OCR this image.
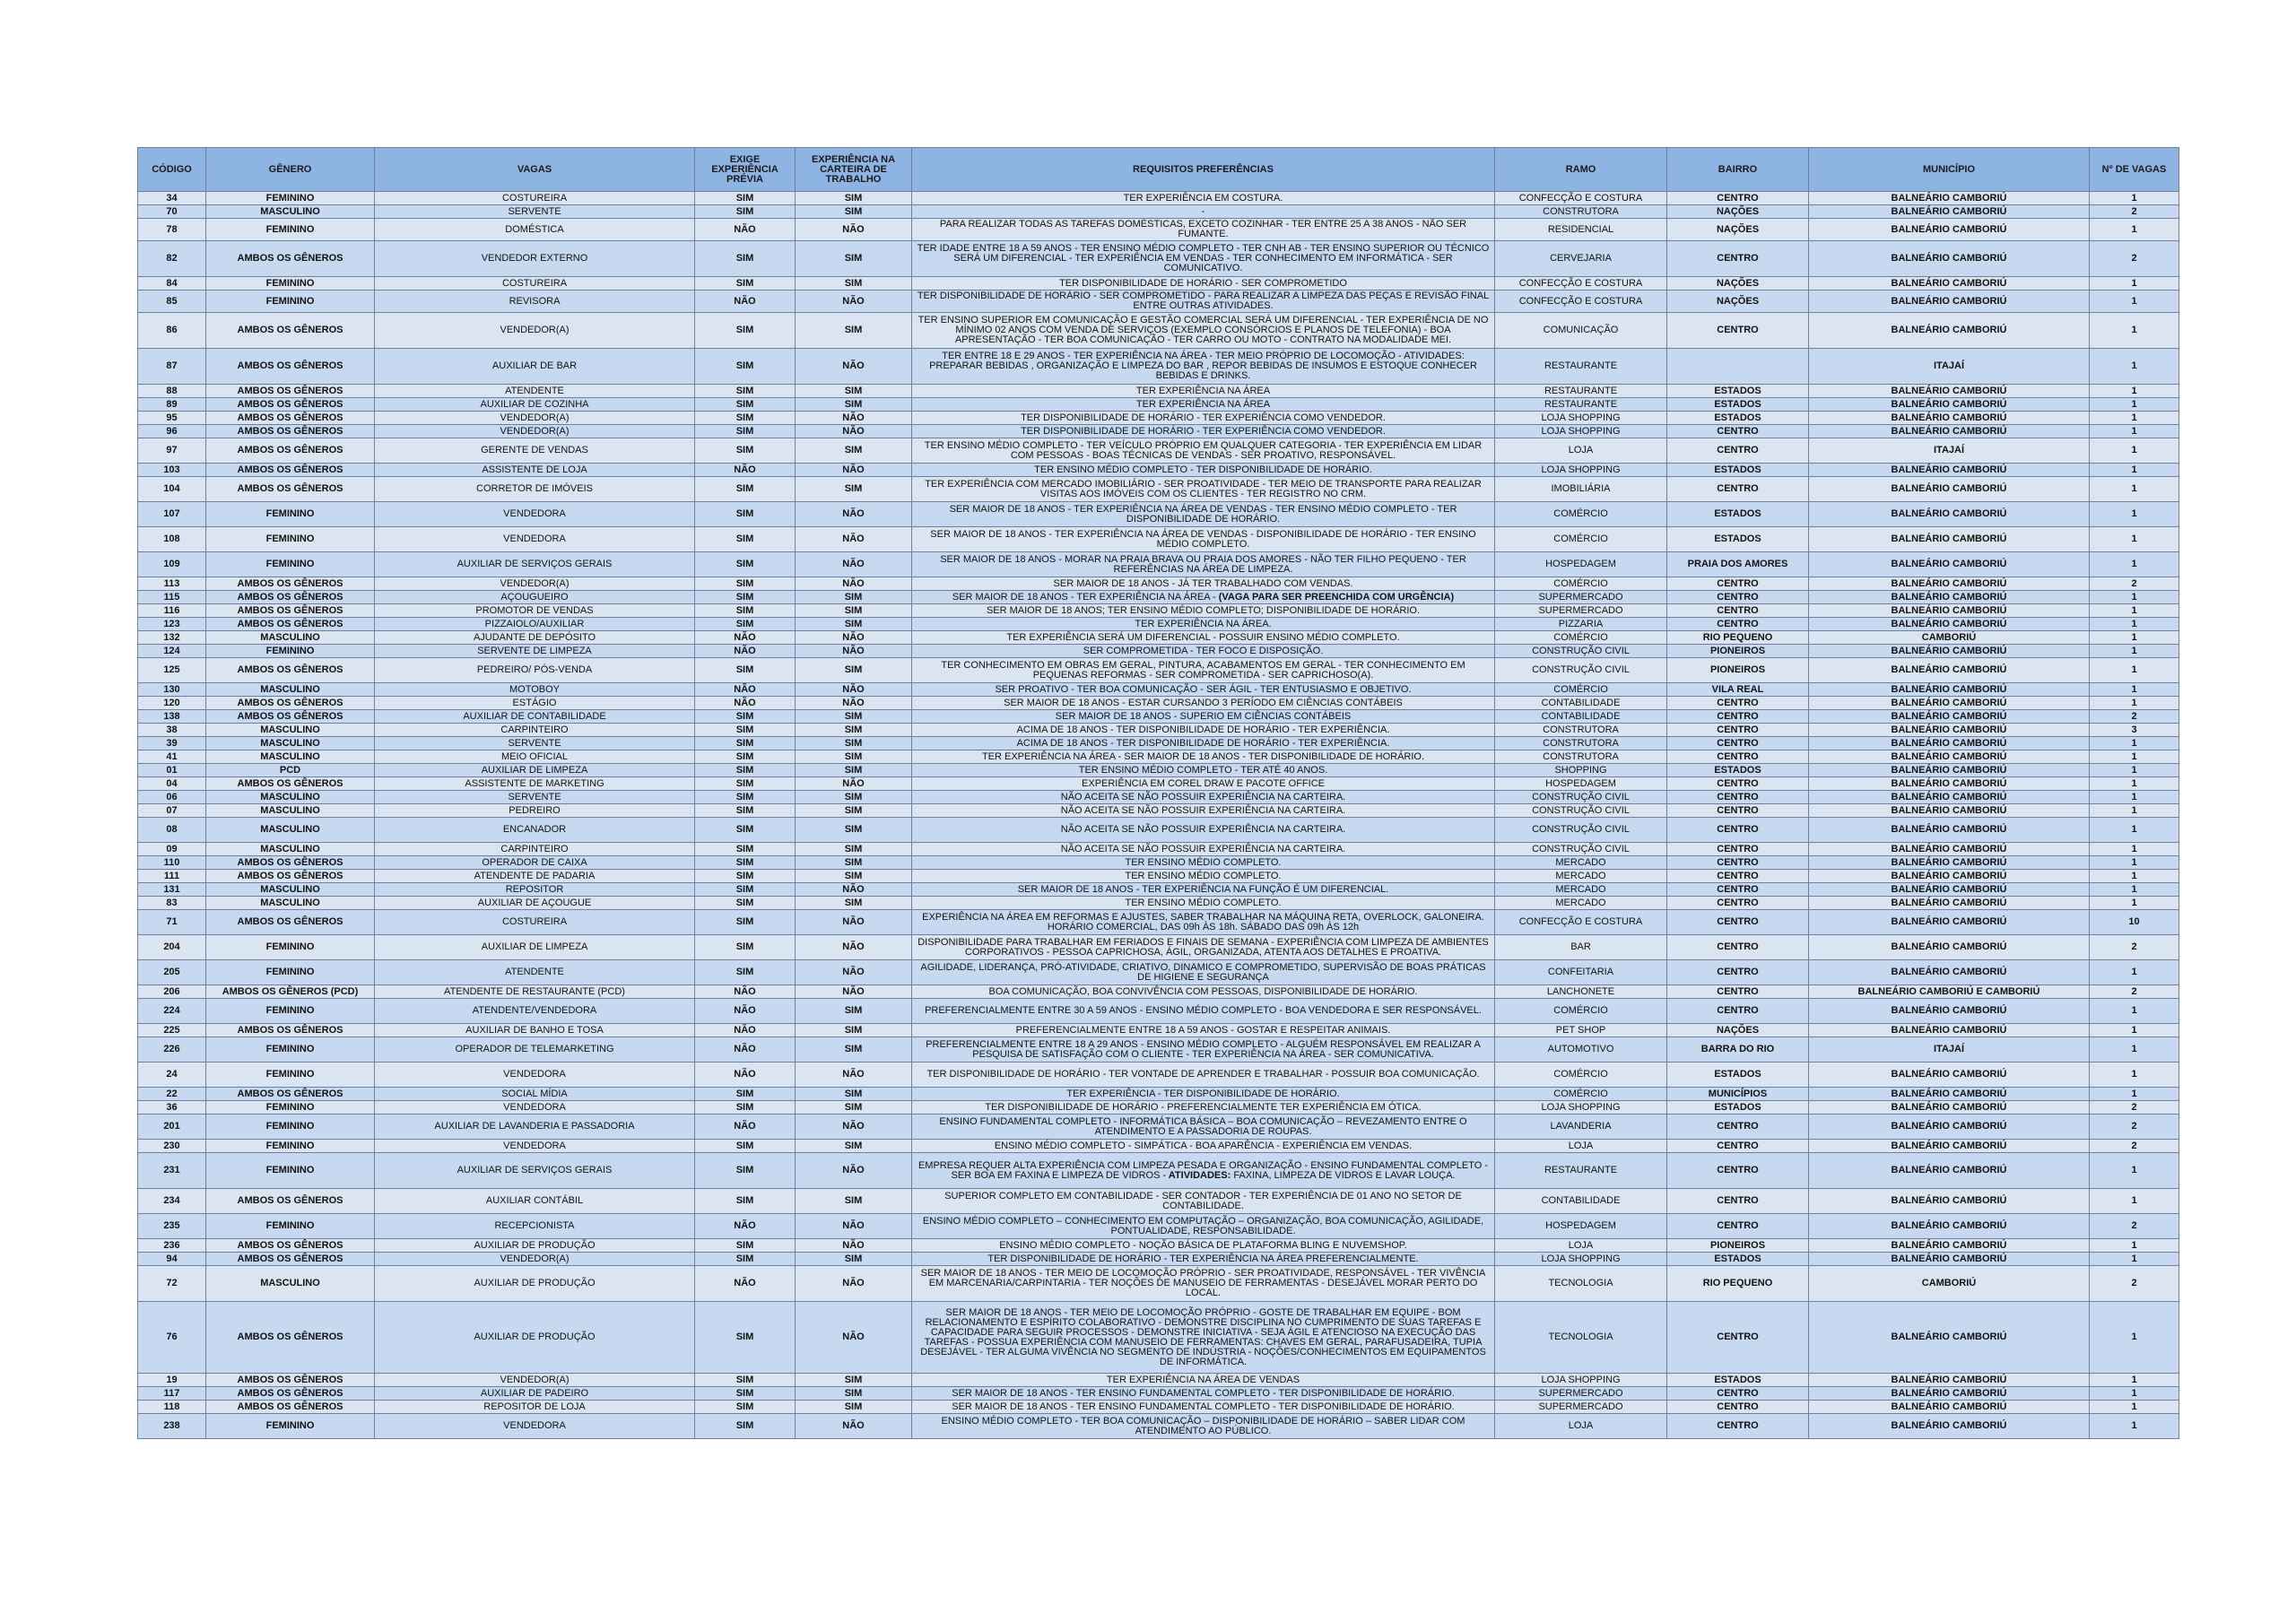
CÓDIGO	GÊNERO	VAGAS	EXIGE EXPERIÊNCIA PRÉVIA	EXPERIÊNCIA NA CARTEIRA DE TRABALHO	REQUISITOS PREFERÊNCIAS	RAMO	BAIRRO	MUNICÍPIO	Nº DE VAGAS
34	FEMININO	COSTUREIRA	SIM	SIM	TER EXPERIÊNCIA EM COSTURA.	CONFECÇÃO E COSTURA	CENTRO	BALNEÁRIO CAMBORIÚ	1
70	MASCULINO	SERVENTE	SIM	SIM	-	CONSTRUTORA	NAÇÕES	BALNEÁRIO CAMBORIÚ	2
78	FEMININO	DOMÉSTICA	NÃO	NÃO	PARA REALIZAR TODAS AS TAREFAS DOMÉSTICAS, EXCETO COZINHAR - TER ENTRE 25 A 38 ANOS - NÃO SER FUMANTE.	RESIDENCIAL	NAÇÕES	BALNEÁRIO CAMBORIÚ	1
82	AMBOS OS GÊNEROS	VENDEDOR EXTERNO	SIM	SIM	TER IDADE ENTRE 18 A 59 ANOS - TER ENSINO MÉDIO COMPLETO - TER CNH AB - TER ENSINO SUPERIOR OU TÉCNICO SERÁ UM DIFERENCIAL - TER EXPERIÊNCIA EM VENDAS - TER CONHECIMENTO EM INFORMÁTICA - SER COMUNICATIVO.	CERVEJARIA	CENTRO	BALNEÁRIO CAMBORIÚ	2
84	FEMININO	COSTUREIRA	SIM	SIM	TER DISPONIBILIDADE DE HORÁRIO - SER COMPROMETIDO	CONFECÇÃO E COSTURA	NAÇÕES	BALNEÁRIO CAMBORIÚ	1
85	FEMININO	REVISORA	NÃO	NÃO	TER DISPONIBILIDADE DE HORÁRIO - SER COMPROMETIDO - PARA REALIZAR A LIMPEZA DAS PEÇAS E REVISÃO FINAL ENTRE OUTRAS ATIVIDADES.	CONFECÇÃO E COSTURA	NAÇÕES	BALNEÁRIO CAMBORIÚ	1
86	AMBOS OS GÊNEROS	VENDEDOR(A)	SIM	SIM	TER ENSINO SUPERIOR EM COMUNICAÇÃO E GESTÃO COMERCIAL SERÁ UM DIFERENCIAL - TER EXPERIÊNCIA DE NO MÍNIMO 02 ANOS COM VENDA DE SERVIÇOS (EXEMPLO CONSÓRCIOS E PLANOS DE TELEFONIA) - BOA APRESENTAÇÃO - TER BOA COMUNICAÇÃO - TER CARRO OU MOTO - CONTRATO NA MODALIDADE MEI.	COMUNICAÇÃO	CENTRO	BALNEÁRIO CAMBORIÚ	1
87	AMBOS OS GÊNEROS	AUXILIAR DE BAR	SIM	NÃO	TER ENTRE 18 E 29 ANOS - TER EXPERIÊNCIA NA ÁREA - TER MEIO PRÓPRIO DE LOCOMOÇÃO - ATIVIDADES: PREPARAR BEBIDAS , ORGANIZAÇÃO E LIMPEZA DO BAR , REPOR BEBIDAS DE INSUMOS E ESTOQUE CONHECER BEBIDAS E DRINKS.	RESTAURANTE		ITAJAÍ	1
88	AMBOS OS GÊNEROS	ATENDENTE	SIM	SIM	TER EXPERIÊNCIA NA ÁREA	RESTAURANTE	ESTADOS	BALNEÁRIO CAMBORIÚ	1
89	AMBOS OS GÊNEROS	AUXILIAR DE COZINHA	SIM	SIM	TER EXPERIÊNCIA NA ÁREA	RESTAURANTE	ESTADOS	BALNEÁRIO CAMBORIÚ	1
95	AMBOS OS GÊNEROS	VENDEDOR(A)	SIM	NÃO	TER DISPONIBILIDADE DE HORÁRIO - TER EXPERIÊNCIA COMO VENDEDOR.	LOJA SHOPPING	ESTADOS	BALNEÁRIO CAMBORIÚ	1
96	AMBOS OS GÊNEROS	VENDEDOR(A)	SIM	NÃO	TER DISPONIBILIDADE DE HORÁRIO - TER EXPERIÊNCIA COMO VENDEDOR.	LOJA SHOPPING	CENTRO	BALNEÁRIO CAMBORIÚ	1
97	AMBOS OS GÊNEROS	GERENTE DE VENDAS	SIM	SIM	TER ENSINO MÉDIO COMPLETO - TER VEÍCULO PRÓPRIO EM QUALQUER CATEGORIA - TER EXPERIÊNCIA EM LIDAR COM PESSOAS - BOAS TÉCNICAS DE VENDAS - SER PROATIVO, RESPONSÁVEL.	LOJA	CENTRO	ITAJAÍ	1
103	AMBOS OS GÊNEROS	ASSISTENTE DE LOJA	NÃO	NÃO	TER ENSINO MÉDIO COMPLETO - TER DISPONIBILIDADE DE HORÁRIO.	LOJA SHOPPING	ESTADOS	BALNEÁRIO CAMBORIÚ	1
104	AMBOS OS GÊNEROS	CORRETOR DE IMÓVEIS	SIM	SIM	TER EXPERIÊNCIA COM MERCADO IMOBILIÁRIO - SER PROATIVIDADE - TER MEIO DE TRANSPORTE PARA REALIZAR VISITAS AOS IMÓVEIS COM OS CLIENTES - TER REGISTRO NO CRM.	IMOBILIÁRIA	CENTRO	BALNEÁRIO CAMBORIÚ	1
107	FEMININO	VENDEDORA	SIM	NÃO	SER MAIOR DE 18 ANOS - TER EXPERIÊNCIA NA ÁREA DE VENDAS - TER ENSINO MÉDIO COMPLETO - TER DISPONIBILIDADE DE HORÁRIO.	COMÉRCIO	ESTADOS	BALNEÁRIO CAMBORIÚ	1
108	FEMININO	VENDEDORA	SIM	NÃO	SER MAIOR DE 18 ANOS - TER EXPERIÊNCIA NA ÁREA DE VENDAS - DISPONIBILIDADE DE HORÁRIO - TER ENSINO MÉDIO COMPLETO.	COMÉRCIO	ESTADOS	BALNEÁRIO CAMBORIÚ	1
109	FEMININO	AUXILIAR DE SERVIÇOS GERAIS	SIM	NÃO	SER MAIOR DE 18 ANOS - MORAR NA PRAIA BRAVA OU PRAIA DOS AMORES - NÃO TER FILHO PEQUENO - TER REFERÊNCIAS NA ÁREA DE LIMPEZA.	HOSPEDAGEM	PRAIA DOS AMORES	BALNEÁRIO CAMBORIÚ	1
113	AMBOS OS GÊNEROS	VENDEDOR(A)	SIM	NÃO	SER MAIOR DE 18 ANOS - JÁ TER TRABALHADO COM VENDAS.	COMÉRCIO	CENTRO	BALNEÁRIO CAMBORIÚ	2
115	AMBOS OS GÊNEROS	AÇOUGUEIRO	SIM	SIM	SER MAIOR DE 18 ANOS - TER EXPERIÊNCIA NA ÁREA - (VAGA PARA SER PREENCHIDA COM URGÊNCIA)	SUPERMERCADO	CENTRO	BALNEÁRIO CAMBORIÚ	1
116	AMBOS OS GÊNEROS	PROMOTOR DE VENDAS	SIM	SIM	SER MAIOR DE 18 ANOS; TER ENSINO MÉDIO COMPLETO; DISPONIBILIDADE DE HORÁRIO.	SUPERMERCADO	CENTRO	BALNEÁRIO CAMBORIÚ	1
123	AMBOS OS GÊNEROS	PIZZAIOLO/AUXILIAR	SIM	SIM	TER EXPERIÊNCIA NA ÁREA.	PIZZARIA	CENTRO	BALNEÁRIO CAMBORIÚ	1
132	MASCULINO	AJUDANTE DE DEPÓSITO	NÃO	NÃO	TER EXPERIÊNCIA SERÁ UM DIFERENCIAL - POSSUIR ENSINO MÉDIO COMPLETO.	COMÉRCIO	RIO PEQUENO	CAMBORIÚ	1
124	FEMININO	SERVENTE DE LIMPEZA	NÃO	NÃO	SER COMPROMETIDA - TER FOCO E DISPOSIÇÃO.	CONSTRUÇÃO CIVIL	PIONEIROS	BALNEÁRIO CAMBORIÚ	1
125	AMBOS OS GÊNEROS	PEDREIRO/ PÓS-VENDA	SIM	SIM	TER CONHECIMENTO EM OBRAS EM GERAL, PINTURA, ACABAMENTOS EM GERAL - TER CONHECIMENTO EM PEQUENAS REFORMAS - SER COMPROMETIDA - SER CAPRICHOSO(A).	CONSTRUÇÃO CIVIL	PIONEIROS	BALNEÁRIO CAMBORIÚ	1
130	MASCULINO	MOTOBOY	NÃO	NÃO	SER PROATIVO - TER BOA COMUNICAÇÃO - SER ÁGIL - TER ENTUSIASMO E OBJETIVO.	COMÉRCIO	VILA REAL	BALNEÁRIO CAMBORIÚ	1
120	AMBOS OS GÊNEROS	ESTÁGIO	NÃO	NÃO	SER MAIOR DE 18 ANOS - ESTAR CURSANDO 3 PERÍODO EM CIÊNCIAS CONTÁBEIS	CONTABILIDADE	CENTRO	BALNEÁRIO CAMBORIÚ	1
138	AMBOS OS GÊNEROS	AUXILIAR DE CONTABILIDADE	SIM	SIM	SER MAIOR DE 18 ANOS - SUPERIO EM CIÊNCIAS CONTÁBEIS	CONTABILIDADE	CENTRO	BALNEÁRIO CAMBORIÚ	2
38	MASCULINO	CARPINTEIRO	SIM	SIM	ACIMA DE 18 ANOS - TER DISPONIBILIDADE DE HORÁRIO - TER EXPERIÊNCIA.	CONSTRUTORA	CENTRO	BALNEÁRIO CAMBORIÚ	3
39	MASCULINO	SERVENTE	SIM	SIM	ACIMA DE 18 ANOS - TER DISPONIBILIDADE DE HORÁRIO - TER EXPERIÊNCIA.	CONSTRUTORA	CENTRO	BALNEÁRIO CAMBORIÚ	1
41	MASCULINO	MEIO OFICIAL	SIM	SIM	TER EXPERIÊNCIA NA ÁREA - SER MAIOR DE 18 ANOS - TER DISPONIBILIDADE DE HORÁRIO.	CONSTRUTORA	CENTRO	BALNEÁRIO CAMBORIÚ	1
01	PCD	AUXILIAR DE LIMPEZA	SIM	SIM	TER ENSINO MÉDIO COMPLETO - TER ATÉ 40 ANOS.	SHOPPING	ESTADOS	BALNEÁRIO CAMBORIÚ	1
04	AMBOS OS GÊNEROS	ASSISTENTE DE MARKETING	SIM	NÃO	EXPERIÊNCIA EM COREL DRAW E PACOTE OFFICE	HOSPEDAGEM	CENTRO	BALNEÁRIO CAMBORIÚ	1
06	MASCULINO	SERVENTE	SIM	SIM	NÃO ACEITA SE NÃO POSSUIR EXPERIÊNCIA NA CARTEIRA.	CONSTRUÇÃO CIVIL	CENTRO	BALNEÁRIO CAMBORIÚ	1
07	MASCULINO	PEDREIRO	SIM	SIM	NÃO ACEITA SE NÃO POSSUIR EXPERIÊNCIA NA CARTEIRA.	CONSTRUÇÃO CIVIL	CENTRO	BALNEÁRIO CAMBORIÚ	1
08	MASCULINO	ENCANADOR	SIM	SIM	NÃO ACEITA SE NÃO POSSUIR EXPERIÊNCIA NA CARTEIRA.	CONSTRUÇÃO CIVIL	CENTRO	BALNEÁRIO CAMBORIÚ	1
09	MASCULINO	CARPINTEIRO	SIM	SIM	NÃO ACEITA SE NÃO POSSUIR EXPERIÊNCIA NA CARTEIRA.	CONSTRUÇÃO CIVIL	CENTRO	BALNEÁRIO CAMBORIÚ	1
110	AMBOS OS GÊNEROS	OPERADOR DE CAIXA	SIM	SIM	TER ENSINO MÉDIO COMPLETO.	MERCADO	CENTRO	BALNEÁRIO CAMBORIÚ	1
111	AMBOS OS GÊNEROS	ATENDENTE DE PADARIA	SIM	SIM	TER ENSINO MÉDIO COMPLETO.	MERCADO	CENTRO	BALNEÁRIO CAMBORIÚ	1
131	MASCULINO	REPOSITOR	SIM	NÃO	SER MAIOR DE 18 ANOS - TER EXPERIÊNCIA NA FUNÇÃO É UM DIFERENCIAL.	MERCADO	CENTRO	BALNEÁRIO CAMBORIÚ	1
83	MASCULINO	AUXILIAR DE AÇOUGUE	SIM	SIM	TER ENSINO MÉDIO COMPLETO.	MERCADO	CENTRO	BALNEÁRIO CAMBORIÚ	1
71	AMBOS OS GÊNEROS	COSTUREIRA	SIM	NÃO	EXPERIÊNCIA NA ÁREA EM REFORMAS E AJUSTES, SABER TRABALHAR NA MÁQUINA RETA, OVERLOCK, GALONEIRA. HORÁRIO COMERCIAL, DAS 09h ÀS 18h. SÁBADO DAS 09h ÀS 12h	CONFECÇÃO E COSTURA	CENTRO	BALNEÁRIO CAMBORIÚ	10
204	FEMININO	AUXILIAR DE LIMPEZA	SIM	NÃO	DISPONIBILIDADE PARA TRABALHAR EM FERIADOS E FINAIS DE SEMANA - EXPERIÊNCIA COM LIMPEZA DE AMBIENTES CORPORATIVOS - PESSOA CAPRICHOSA, ÁGIL, ORGANIZADA, ATENTA AOS DETALHES E PROATIVA.	BAR	CENTRO	BALNEÁRIO CAMBORIÚ	2
205	FEMININO	ATENDENTE	SIM	NÃO	AGILIDADE, LIDERANÇA, PRÓ-ATIVIDADE, CRIATIVO, DINAMICO E COMPROMETIDO, SUPERVISÃO DE BOAS PRÁTICAS DE HIGIENE E SEGURANÇA	CONFEITARIA	CENTRO	BALNEÁRIO CAMBORIÚ	1
206	AMBOS OS GÊNEROS (PCD)	ATENDENTE DE RESTAURANTE (PCD)	NÃO	NÃO	BOA COMUNICAÇÃO, BOA CONVIVÊNCIA COM PESSOAS, DISPONIBILIDADE DE HORÁRIO.	LANCHONETE	CENTRO	BALNEÁRIO CAMBORIÚ E CAMBORIÚ	2
224	FEMININO	ATENDENTE/VENDEDORA	NÃO	SIM	PREFERENCIALMENTE ENTRE 30 A 59 ANOS - ENSINO MÉDIO COMPLETO - BOA VENDEDORA E SER RESPONSÁVEL.	COMÉRCIO	CENTRO	BALNEÁRIO CAMBORIÚ	1
225	AMBOS OS GÊNEROS	AUXILIAR DE BANHO E TOSA	NÃO	SIM	PREFERENCIALMENTE ENTRE 18 A 59 ANOS - GOSTAR E RESPEITAR ANIMAIS.	PET SHOP	NAÇÕES	BALNEÁRIO CAMBORIÚ	1
226	FEMININO	OPERADOR DE TELEMARKETING	NÃO	SIM	PREFERENCIALMENTE ENTRE 18 A 29 ANOS - ENSINO MÉDIO COMPLETO - ALGUÉM RESPONSÁVEL EM REALIZAR A PESQUISA DE SATISFAÇÃO COM O CLIENTE - TER EXPERIÊNCIA NA ÁREA - SER COMUNICATIVA.	AUTOMOTIVO	BARRA DO RIO	ITAJAÍ	1
24	FEMININO	VENDEDORA	NÃO	NÃO	TER DISPONIBILIDADE DE HORÁRIO - TER VONTADE DE APRENDER E TRABALHAR - POSSUIR BOA COMUNICAÇÃO.	COMÉRCIO	ESTADOS	BALNEÁRIO CAMBORIÚ	1
22	AMBOS OS GÊNEROS	SOCIAL MÍDIA	SIM	SIM	TER EXPERIÊNCIA - TER DISPONIBILIDADE DE HORÁRIO.	COMÉRCIO	MUNICÍPIOS	BALNEÁRIO CAMBORIÚ	1
36	FEMININO	VENDEDORA	SIM	SIM	TER DISPONIBILIDADE DE HORÁRIO - PREFERENCIALMENTE TER EXPERIÊNCIA EM ÓTICA.	LOJA SHOPPING	ESTADOS	BALNEÁRIO CAMBORIÚ	2
201	FEMININO	AUXILIAR DE LAVANDERIA E PASSADORIA	NÃO	NÃO	ENSINO FUNDAMENTAL COMPLETO - INFORMÁTICA BÁSICA – BOA COMUNICAÇÃO – REVEZAMENTO ENTRE O ATENDIMENTO E A PASSADORIA DE ROUPAS.	LAVANDERIA	CENTRO	BALNEÁRIO CAMBORIÚ	2
230	FEMININO	VENDEDORA	SIM	SIM	ENSINO MÉDIO COMPLETO - SIMPÁTICA - BOA APARÊNCIA - EXPERIÊNCIA EM VENDAS.	LOJA	CENTRO	BALNEÁRIO CAMBORIÚ	2
231	FEMININO	AUXILIAR DE SERVIÇOS GERAIS	SIM	NÃO	EMPRESA REQUER ALTA EXPERIÊNCIA COM LIMPEZA PESADA E ORGANIZAÇÃO - ENSINO FUNDAMENTAL COMPLETO - SER BOA EM FAXINA E LIMPEZA DE VIDROS - ATIVIDADES: FAXINA, LIMPEZA DE VIDROS E LAVAR LOUÇA.	RESTAURANTE	CENTRO	BALNEÁRIO CAMBORIÚ	1
234	AMBOS OS GÊNEROS	AUXILIAR CONTÁBIL	SIM	SIM	SUPERIOR COMPLETO EM CONTABILIDADE - SER CONTADOR - TER EXPERIÊNCIA DE 01 ANO NO SETOR DE CONTABILIDADE.	CONTABILIDADE	CENTRO	BALNEÁRIO CAMBORIÚ	1
235	FEMININO	RECEPCIONISTA	NÃO	NÃO	ENSINO MÉDIO COMPLETO – CONHECIMENTO EM COMPUTAÇÃO – ORGANIZAÇÃO, BOA COMUNICAÇÃO, AGILIDADE, PONTUALIDADE, RESPONSABILIDADE.	HOSPEDAGEM	CENTRO	BALNEÁRIO CAMBORIÚ	2
236	AMBOS OS GÊNEROS	AUXILIAR DE PRODUÇÃO	SIM	NÃO	ENSINO MÉDIO COMPLETO - NOÇÃO BÁSICA DE PLATAFORMA BLING E NUVEMSHOP.	LOJA	PIONEIROS	BALNEÁRIO CAMBORIÚ	1
94	AMBOS OS GÊNEROS	VENDEDOR(A)	SIM	SIM	TER DISPONIBILIDADE DE HORÁRIO - TER EXPERIÊNCIA NA ÁREA PREFERENCIALMENTE.	LOJA SHOPPING	ESTADOS	BALNEÁRIO CAMBORIÚ	1
72	MASCULINO	AUXILIAR DE PRODUÇÃO	NÃO	NÃO	SER MAIOR DE 18 ANOS - TER MEIO DE LOCOMOÇÃO PRÓPRIO - SER PROATIVIDADE, RESPONSÁVEL - TER VIVÊNCIA EM MARCENARIA/CARPINTARIA - TER NOÇÕES DE MANUSEIO DE FERRAMENTAS - DESEJÁVEL MORAR PERTO DO LOCAL.	TECNOLOGIA	RIO PEQUENO	CAMBORIÚ	2
76	AMBOS OS GÊNEROS	AUXILIAR DE PRODUÇÃO	SIM	NÃO	SER MAIOR DE 18 ANOS - TER MEIO DE LOCOMOÇÃO PRÓPRIO - GOSTE DE TRABALHAR EM EQUIPE - BOM RELACIONAMENTO E ESPÍRITO COLABORATIVO - DEMONSTRE DISCIPLINA NO CUMPRIMENTO DE SUAS TAREFAS E CAPACIDADE PARA SEGUIR PROCESSOS - DEMONSTRE INICIATIVA - SEJA ÁGIL E ATENCIOSO NA EXECUÇÃO DAS TAREFAS - POSSUA EXPERIÊNCIA COM MANUSEIO DE FERRAMENTAS: CHAVES EM GERAL, PARAFUSADEIRA, TUPIA DESEJÁVEL - TER ALGUMA VIVÊNCIA NO SEGMENTO DE INDÚSTRIA - NOÇÕES/CONHECIMENTOS EM EQUIPAMENTOS DE INFORMÁTICA.	TECNOLOGIA	CENTRO	BALNEÁRIO CAMBORIÚ	1
19	AMBOS OS GÊNEROS	VENDEDOR(A)	SIM	SIM	TER EXPERIÊNCIA NA ÁREA DE VENDAS	LOJA SHOPPING	ESTADOS	BALNEÁRIO CAMBORIÚ	1
117	AMBOS OS GÊNEROS	AUXILIAR DE PADEIRO	SIM	SIM	SER MAIOR DE 18 ANOS - TER ENSINO FUNDAMENTAL COMPLETO - TER DISPONIBILIDADE DE HORÁRIO.	SUPERMERCADO	CENTRO	BALNEÁRIO CAMBORIÚ	1
118	AMBOS OS GÊNEROS	REPOSITOR DE LOJA	SIM	SIM	SER MAIOR DE 18 ANOS - TER ENSINO FUNDAMENTAL COMPLETO - TER DISPONIBILIDADE DE HORÁRIO.	SUPERMERCADO	CENTRO	BALNEÁRIO CAMBORIÚ	1
238	FEMININO	VENDEDORA	SIM	NÃO	ENSINO MÉDIO COMPLETO - TER BOA COMUNICAÇÃO – DISPONIBILIDADE DE HORÁRIO – SABER LIDAR COM ATENDIMENTO AO PÚBLICO.	LOJA	CENTRO	BALNEÁRIO CAMBORIÚ	1
